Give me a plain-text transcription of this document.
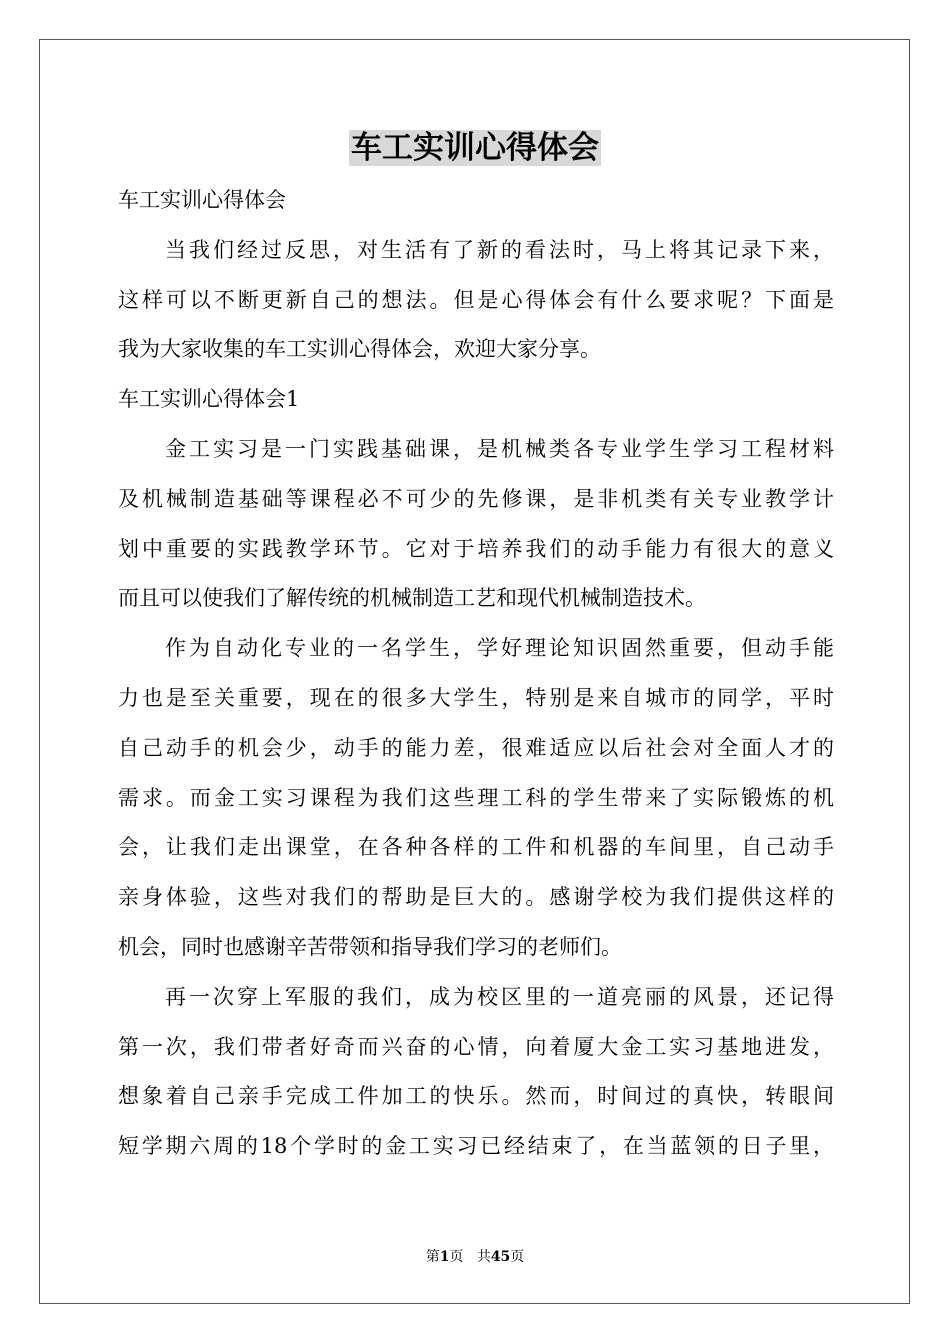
车工实训心得体会
车工实训心得体会
当我们经过反思，对生活有了新的看法时，马上将其记录下来，
这样可以不断更新自己的想法。但是心得体会有什么要求呢？下面是
我为大家收集的车工实训心得体会，欢迎大家分享。
车工实训心得体会1
金工实习是一门实践基础课，是机械类各专业学生学习工程材料
及机械制造基础等课程必不可少的先修课，是非机类有关专业教学计
划中重要的实践教学环节。它对于培养我们的动手能力有很大的意义
而且可以使我们了解传统的机械制造工艺和现代机械制造技术。
作为自动化专业的一名学生，学好理论知识固然重要，但动手能
力也是至关重要，现在的很多大学生，特别是来自城市的同学，平时
自己动手的机会少，动手的能力差，很难适应以后社会对全面人才的
需求。而金工实习课程为我们这些理工科的学生带来了实际锻炼的机
会，让我们走出课堂，在各种各样的工件和机器的车间里，自己动手
亲身体验，这些对我们的帮助是巨大的。感谢学校为我们提供这样的
机会，同时也感谢辛苦带领和指导我们学习的老师们。
再一次穿上军服的我们，成为校区里的一道亮丽的风景，还记得
第一次，我们带者好奇而兴奋的心情，向着厦大金工实习基地进发，
想象着自己亲手完成工件加工的快乐。然而，时间过的真快，转眼间
短学期六周的18个学时的金工实习已经结束了，在当蓝领的日子里，
第1页 共45页
